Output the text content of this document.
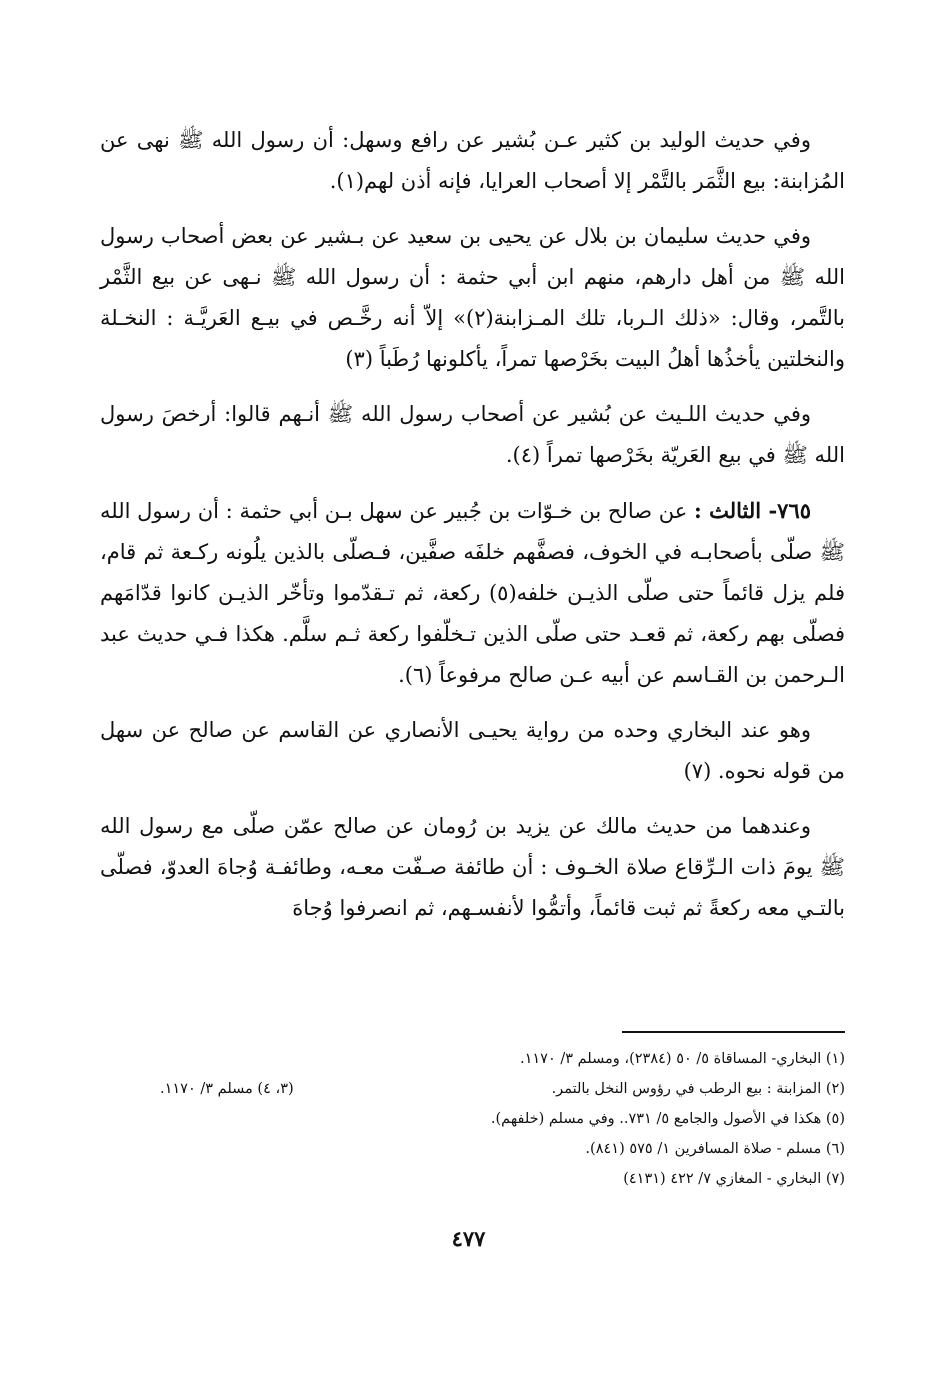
وفي حديث الوليد بن كثير عـن بُشير عن رافع وسهل: أن رسول الله ﷺ نهى عن المُزابنة: بيع الثَّمَر بالتَّمْر إلا أصحاب العرايا، فإنه أذن لهم(١).

وفي حديث سليمان بن بلال عن يحيى بن سعيد عن بـشير عن بعض أصحاب رسول الله ﷺ من أهل دارهم، منهم ابن أبي حثمة : أن رسول الله ﷺ نـهى عن بيع الثَّمْر بالتَّمر، وقال: «ذلك الـربا، تلك المـزابنة(٢)» إلاّ أنه رخَّـص في بيـع العَريَّـة : النخـلة والنخلتين يأخذُها أهلُ البيت بخَرْصها تمراً، يأكلونها رُطَباً (٣)

وفي حديث اللـيث عن بُشير عن أصحاب رسول الله ﷺ أنـهم قالوا: أرخصَ رسول الله ﷺ في بيع العَريّة بخَرْصها تمراً (٤).

٧٦٥- الثالث : عن صالح بن خـوّات بن جُبير عن سهل بـن أبي حثمة : أن رسول الله ﷺ صلّى بأصحابـه في الخوف، فصفَّهم خلفَه صفَّين، فـصلّى بالذين يلُونه ركـعة ثم قام، فلم يزل قائماً حتى صلّى الذيـن خلفه(٥) ركعة، ثم تـقدّموا وتأخّر الذيـن كانوا قدّامَهم فصلّى بهم ركعة، ثم قعـد حتى صلّى الذين تـخلّفوا ركعة ثـم سلَّم. هكذا فـي حديث عبد الـرحمن بن القـاسم عن أبيه عـن صالح مرفوعاً (٦).

وهو عند البخاري وحده من رواية يحيـى الأنصاري عن القاسم عن صالح عن سهل من قوله نحوه. (٧)

وعندهما من حديث مالك عن يزيد بن رُومان عن صالح عمّن صلّى مع رسول الله ﷺ يومَ ذات الـرِّقاع صلاة الخـوف : أن طائفة صـفّت معـه، وطائفـة وُجاهَ العدوّ، فصلّى بالتـي معه ركعةً ثم ثبت قائماً، وأتمُّوا لأنفسـهم، ثم انصرفوا وُجاهَ

(١) البخاري- المساقاة ٥/ ٥٠ (٢٣٨٤)، ومسلم ٣/ ١١٧٠.
(٢) المزابنة : بيع الرطب في رؤوس النخل بالتمر.
(٣، ٤) مسلم ٣/ ١١٧٠.
(٥) هكذا في الأصول والجامع ٥/ ٧٣١.. وفي مسلم (خلفهم).
(٦) مسلم - صلاة المسافرين ١/ ٥٧٥ (٨٤١).
(٧) البخاري - المغازي ٧/ ٤٢٢ (٤١٣١)
٤٧٧
